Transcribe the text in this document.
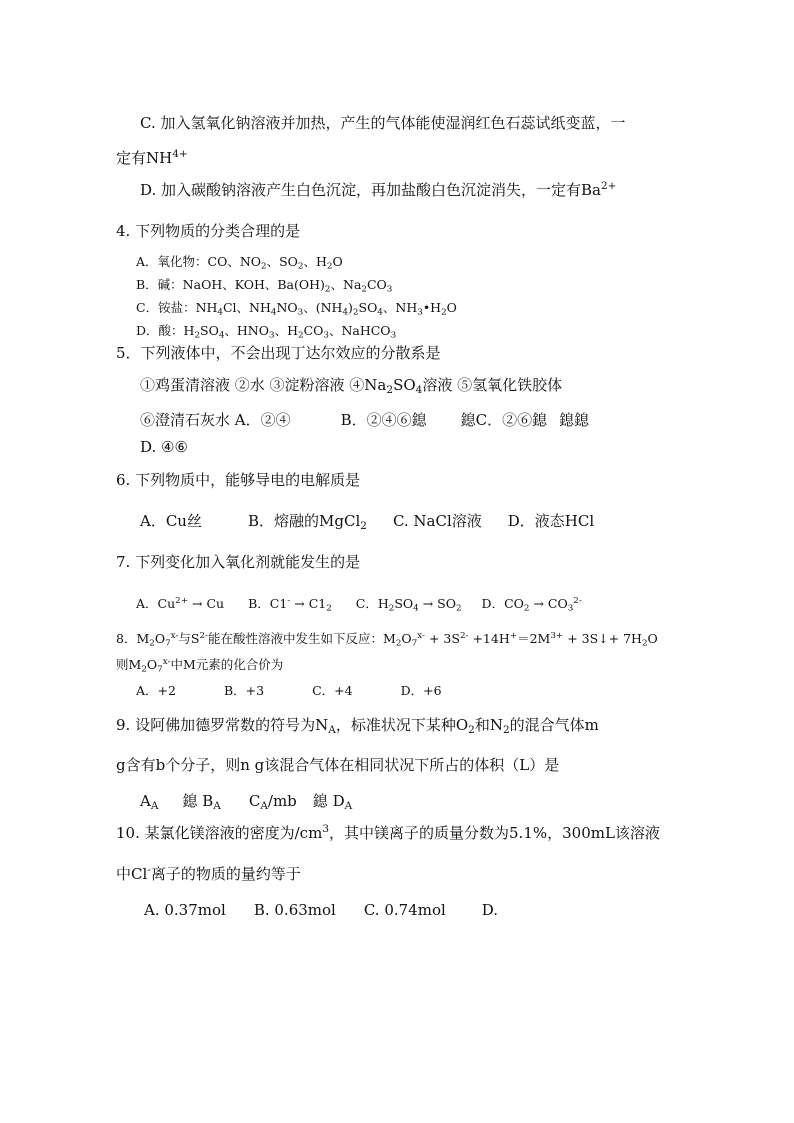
C. 加入氢氧化钠溶液并加热，产生的气体能使湿润红色石蕊试纸变蓝，一
定有$NH^{4+}$
D. 加入碳酸钠溶液产生白色沉淀，再加盐酸白色沉淀消失，一定有$Ba^{2+}$
4. 下列物质的分类合理的是
A．氧化物：CO、$NO_2$、$SO_2$、$H_2O$
B．碱：NaOH、KOH、$Ba(OH)_2$、$Na_2CO_3$
C．铵盐：$NH_4Cl$、$NH_4NO_3$、$(NH_4)_2SO_4$、$NH_3•H_2O$
D．酸：$H_2SO_4$、$HNO_3$、$H_2CO_3$、NaHCO$_3$
5．下列液体中，不会出现丁达尔效应的分散系是
①鸡蛋清溶液 ②水 ③淀粉溶液 $④Na_2SO_4$溶液 ⑤氢氧化铁胶体
⑥澄清石灰水 A．②④	B．②④⑥鎴 鎴C．②⑥鎴 鎴鎴
D. ④⑥
6. 下列物质中，能够导电的电解质是
A．Cu丝	B．熔融的MgCl$_2$ C. NaCl溶液 D．液态HCl
7. 下列变化加入氧化剂就能发生的是
A．$Cu^{2+} \to Cu$ B．$C1^- \to C1_2$ C．$H_2SO_4 \to SO_2$ D．$CO_2 \to CO_3^{2-}$
8．$M_2O_7^{x-}$与$S^{2-}$能在酸性溶液中发生如下反应：$M_2O_7^{x-} + 3S^{2-} +14H^+=2M^{3+}$ + 3S↓+ $7H_2O$
则$M_2O_7^{x-}$中M元素的化合价为
A．+2	B．+3	C．+4	D．+6
9. 设阿佛加德罗常数的符号为$N_A$，标准状况下某种$O_2$和$N_2$的混合气体m
g含有b个分子，则n g该混合气体在相同状况下所占的体积（L）是
$A_A$ 鎴 $B_A$ $C_A/mb$ 鎴 $D_A$
10. 某氯化镁溶液的密度为$/cm^3$，其中镁离子的质量分数为5.1%，300mL该溶液
中Cl-离子的物质的量约等于
A. 0.37mol B. 0.63mol C. 0.74mol D.
